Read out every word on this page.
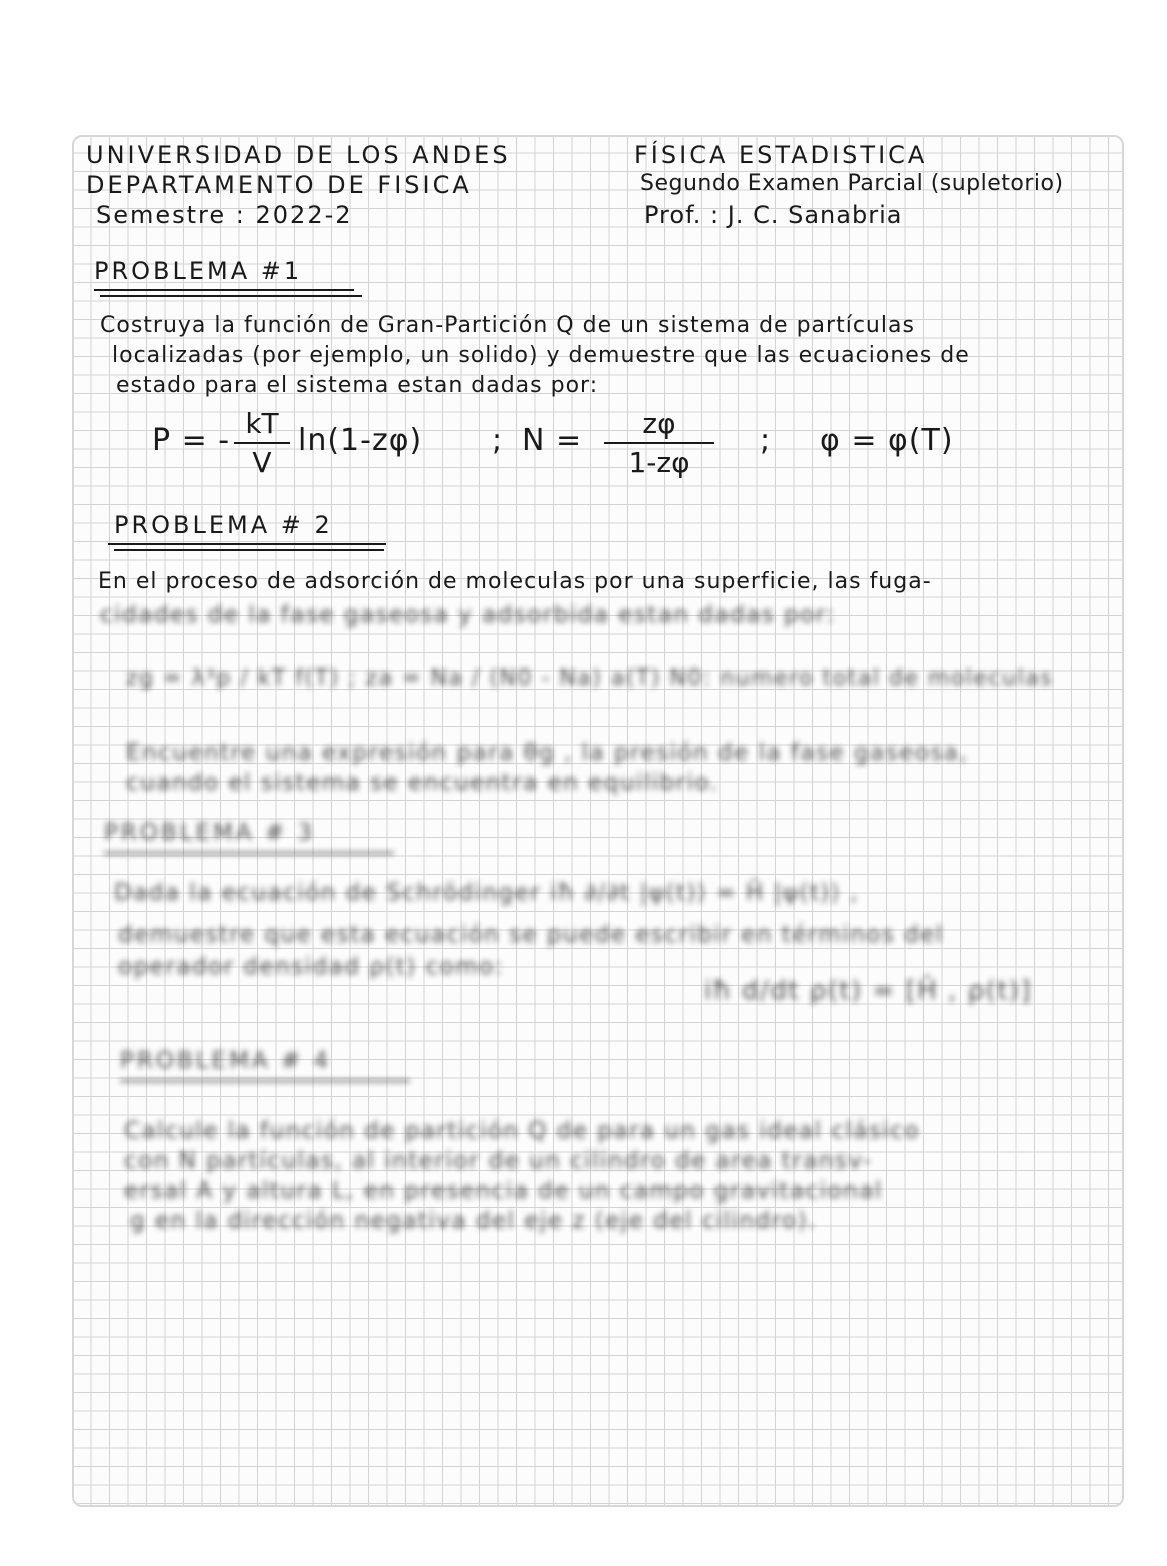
UNIVERSIDAD DE LOS ANDES
DEPARTAMENTO DE FISICA
Semestre : 2022-2
FÍSICA ESTADISTICA
Segundo Examen Parcial (supletorio)
Prof. : J. C. Sanabria
PROBLEMA #1
Costruya la función de Gran-Partición Q de un sistema de partículas
localizadas (por ejemplo, un solido) y demuestre que las ecuaciones de
estado para el sistema estan dadas por:
P = - kT
V
ln(1-zφ) ; N =	zφ
1-zφ
; φ = φ(T)
PROBLEMA # 2
En el proceso de adsorción de moleculas por una superficie, las fuga-
cidades de la fase gaseosa y adsorbida estan dadas por:
zg = λ³p / kT f(T) ; za = Na / (N0 - Na) a(T) N0: numero total de moleculas
Encuentre una expresión para θg , la presión de la fase gaseosa,
cuando el sistema se encuentra en equilibrio.
PROBLEMA # 3
Dada la ecuación de Schrödinger iħ ∂/∂t |ψ(t)⟩ = Ĥ |ψ(t)⟩ ,
demuestre que esta ecuación se puede escribir en términos del
operador densidad ρ(t) como:
iħ d/dt ρ(t) = [Ĥ , ρ(t)]
PROBLEMA # 4
Calcule la función de partición Q de para un gas ideal clásico
con N partículas, al interior de un cilindro de area transv-
ersal A y altura L, en presencia de un campo gravitacional
g en la dirección negativa del eje z (eje del cilindro).
